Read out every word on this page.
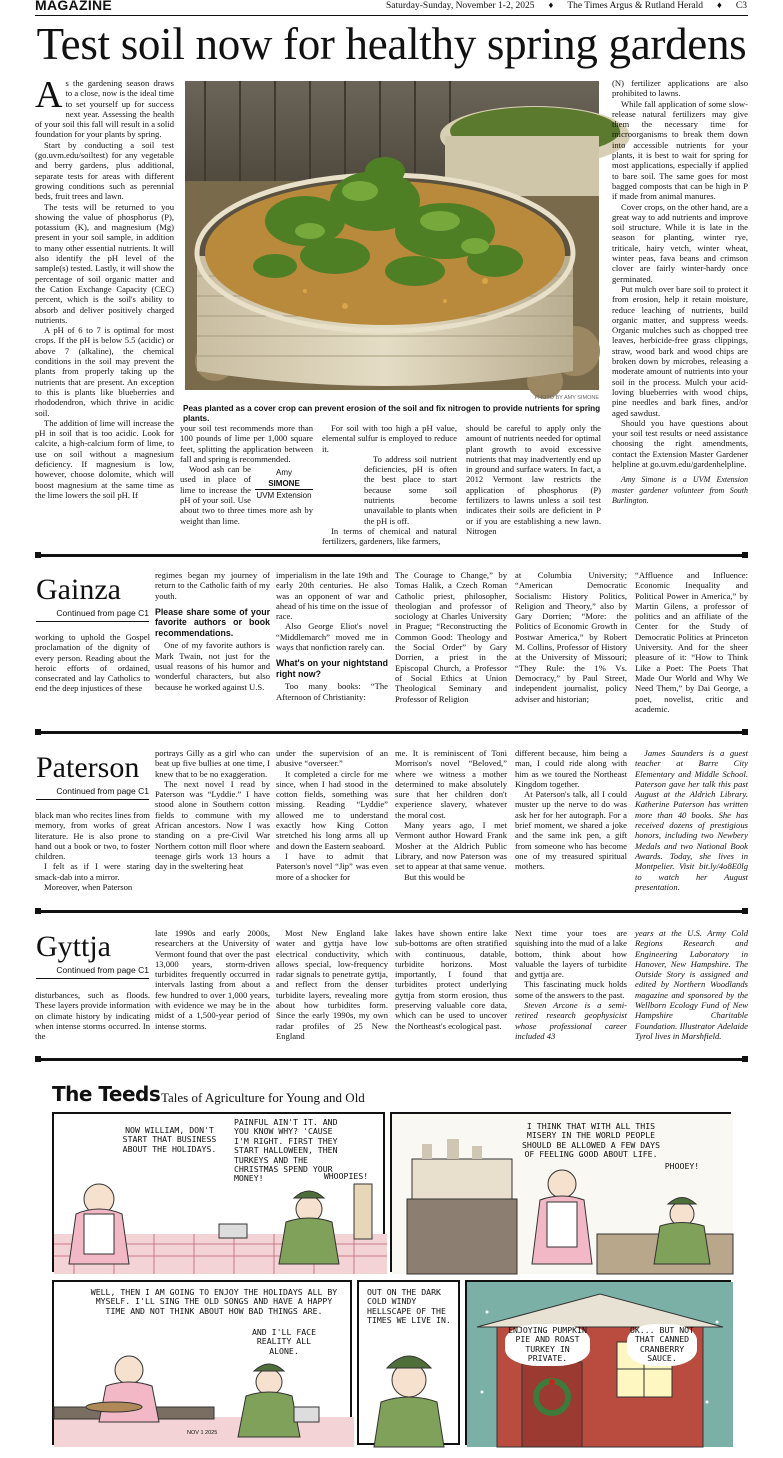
MAGAZINE	Saturday-Sunday, November 1-2, 2025 ♦ The Times Argus & Rutland Herald ♦ C3
Test soil now for healthy spring gardens

As the gardening season draws to a close, now is the ideal time to set yourself up for success next year. Assessing the health of your soil this fall will result in a solid foundation for your plants by spring.

Start by conducting a soil test (go.uvm.edu/soiltest) for any vegetable and berry gardens, plus additional, separate tests for areas with different growing conditions such as perennial beds, fruit trees and lawn.

The tests will be returned to you showing the value of phosphorus (P), potassium (K), and magnesium (Mg) present in your soil sample, in addition to many other essential nutrients. It will also identify the pH level of the sample(s) tested. Lastly, it will show the percentage of soil organic matter and the Cation Exchange Capacity (CEC) percent, which is the soil's ability to absorb and deliver positively charged nutrients.

A pH of 6 to 7 is optimal for most crops. If the pH is below 5.5 (acidic) or above 7 (alkaline), the chemical conditions in the soil may prevent the plants from properly taking up the nutrients that are present. An exception to this is plants like blueberries and rhododendron, which thrive in acidic soil.

The addition of lime will increase the pH in soil that is too acidic. Look for calcite, a high-calcium form of lime, to use on soil without a magnesium deficiency. If magnesium is low, however, choose dolomite, which will boost magnesium at the same time as the lime lowers the soil pH. If

PHOTO BY AMY SIMONE
Peas planted as a cover crop can prevent erosion of the soil and fix nitrogen to provide nutrients for spring plants.

your soil test recommends more than 100 pounds of lime per 1,000 square feet, splitting the application between fall and spring is recommended.

Amy
SIMONE
UVM Extension

Wood ash can be used in place of lime to increase the pH of your soil. Use about two to three times more ash by weight than lime.

For soil with too high a pH value, elemental sulfur is employed to reduce it.

To address soil nutrient deficiencies, pH is often the best place to start because some soil nutrients become unavailable to plants when the pH is off.

In terms of chemical and natural fertilizers, gardeners, like farmers,

should be careful to apply only the amount of nutrients needed for optimal plant growth to avoid excessive nutrients that may inadvertently end up in ground and surface waters. In fact, a 2012 Vermont law restricts the application of phosphorus (P) fertilizers to lawns unless a soil test indicates their soils are deficient in P or if you are establishing a new lawn. Nitrogen

(N) fertilizer applications are also prohibited to lawns.

While fall application of some slow-release natural fertilizers may give them the necessary time for microorganisms to break them down into accessible nutrients for your plants, it is best to wait for spring for most applications, especially if applied to bare soil. The same goes for most bagged composts that can be high in P if made from animal manures.

Cover crops, on the other hand, are a great way to add nutrients and improve soil structure. While it is late in the season for planting, winter rye, triticale, hairy vetch, winter wheat, winter peas, fava beans and crimson clover are fairly winter-hardy once germinated.

Put mulch over bare soil to protect it from erosion, help it retain moisture, reduce leaching of nutrients, build organic matter, and suppress weeds. Organic mulches such as chopped tree leaves, herbicide-free grass clippings, straw, wood bark and wood chips are broken down by microbes, releasing a moderate amount of nutrients into your soil in the process. Mulch your acid-loving blueberries with wood chips, pine needles and bark fines, and/or aged sawdust.

Should you have questions about your soil test results or need assistance choosing the right amendments, contact the Extension Master Gardener helpline at go.uvm.edu/gardenhelpline.

Amy Simone is a UVM Extension master gardener volunteer from South Burlington.

Gainza
Continued from page C1

working to uphold the Gospel proclamation of the dignity of every person. Reading about the heroic efforts of ordained, consecrated and lay Catholics to end the deep injustices of these

regimes began my journey of return to the Catholic faith of my youth.

Please share some of your favorite authors or book recommendations.

One of my favorite authors is Mark Twain, not just for the usual reasons of his humor and wonderful characters, but also because he worked against U.S.

imperialism in the late 19th and early 20th centuries. He also was an opponent of war and ahead of his time on the issue of race.

Also George Eliot's novel “Middlemarch” moved me in ways that nonfiction rarely can.

What's on your nightstand right now?

Too many books: “The Afternoon of Christianity:

The Courage to Change,” by Tomas Halik, a Czech Roman Catholic priest, philosopher, theologian and professor of sociology at Charles University in Prague; “Reconstructing the Common Good: Theology and the Social Order” by Gary Dorrien, a priest in the Episcopal Church, a Professor of Social Ethics at Union Theological Seminary and Professor of Religion

at Columbia University; “American Democratic Socialism: History Politics, Religion and Theory,” also by Gary Dorrien; “More: the Politics of Economic Growth in Postwar America,” by Robert M. Collins, Professor of History at the University of Missouri; “They Rule: the 1% Vs. Democracy,” by Paul Street, independent journalist, policy adviser and historian;

“Affluence and Influence: Economic Inequality and Political Power in America,” by Martin Gilens, a professor of politics and an affiliate of the Center for the Study of Democratic Politics at Princeton University. And for the sheer pleasure of it: “How to Think Like a Poet: The Poets That Made Our World and Why We Need Them,” by Dai George, a poet, novelist, critic and academic.

Paterson
Continued from page C1

black man who recites lines from memory, from works of great literature. He is also prone to hand out a book or two, to foster children.

I felt as if I were staring smack-dab into a mirror.

Moreover, when Paterson

portrays Gilly as a girl who can beat up five bullies at one time, I knew that to be no exaggeration.

The next novel I read by Paterson was “Lyddie.” I have stood alone in Southern cotton fields to commune with my African ancestors. Now I was standing on a pre-Civil War Northern cotton mill floor where teenage girls work 13 hours a day in the sweltering heat

under the supervision of an abusive “overseer.”

It completed a circle for me since, when I had stood in the cotton fields, something was missing. Reading “Lyddie” allowed me to understand exactly how King Cotton stretched his long arms all up and down the Eastern seaboard.

I have to admit that Paterson's novel “Jip” was even more of a shocker for

me. It is reminiscent of Toni Morrison's novel “Beloved,” where we witness a mother determined to make absolutely sure that her children don't experience slavery, whatever the moral cost.

Many years ago, I met Vermont author Howard Frank Mosher at the Aldrich Public Library, and now Paterson was set to appear at that same venue.

But this would be

different because, him being a man, I could ride along with him as we toured the Northeast Kingdom together.

At Paterson's talk, all I could muster up the nerve to do was ask her for her autograph. For a brief moment, we shared a joke and the same ink pen, a gift from someone who has become one of my treasured spiritual mothers.

James Saunders is a guest teacher at Barre City Elementary and Middle School. Paterson gave her talk this past August at the Aldrich Library. Katherine Paterson has written more than 40 books. She has received dozens of prestigious honors, including two Newbery Medals and two National Book Awards. Today, she lives in Montpelier. Visit bit.ly/4o8E0lg to watch her August presentation.

Gyttja
Continued from page C1

disturbances, such as floods. These layers provide information on climate history by indicating when intense storms occurred. In the

late 1990s and early 2000s, researchers at the University of Vermont found that over the past 13,000 years, storm-driven turbidites frequently occurred in intervals lasting from about a few hundred to over 1,000 years, with evidence we may be in the midst of a 1,500-year period of intense storms.

Most New England lake water and gyttja have low electrical conductivity, which allows special, low-frequency radar signals to penetrate gyttja, and reflect from the denser turbidite layers, revealing more about how turbidites form. Since the early 1990s, my own radar profiles of 25 New England

lakes have shown entire lake sub-bottoms are often stratified with continuous, datable, turbidite horizons. Most importantly, I found that turbidites protect underlying gyttja from storm erosion, thus preserving valuable core data, which can be used to uncover the Northeast's ecological past.

Next time your toes are squishing into the mud of a lake bottom, think about how valuable the layers of turbidite and gyttja are.

This fascinating muck holds some of the answers to the past.

Steven Arcone is a semi-retired research geophysicist whose professional career included 43

years at the U.S. Army Cold Regions Research and Engineering Laboratory in Hanover, New Hampshire. The Outside Story is assigned and edited by Northern Woodlands magazine and sponsored by the Wellborn Ecology Fund of New Hampshire Charitable Foundation. Illustrator Adelaide Tyrol lives in Marshfield.

The Teeds Tales of Agriculture for Young and Old
NOW WILLIAM, DON'T START THAT BUSINESS ABOUT THE HOLIDAYS.
PAINFUL AIN'T IT. AND YOU KNOW WHY? 'CAUSE I'M RIGHT. FIRST THEY START HALLOWEEN, THEN TURKEYS AND THE CHRISTMAS SPEND YOUR MONEY!	WHOOPIES!
I THINK THAT WITH ALL THIS MISERY IN THE WORLD PEOPLE SHOULD BE ALLOWED A FEW DAYS OF FEELING GOOD ABOUT LIFE.
PHOOEY!
WELL, THEN I AM GOING TO ENJOY THE HOLIDAYS ALL BY MYSELF. I'LL SING THE OLD SONGS AND HAVE A HAPPY TIME AND NOT THINK ABOUT HOW BAD THINGS ARE.
AND I'LL FACE REALITY ALL ALONE.
NOV 1 2025
OUT ON THE DARK COLD WINDY HELLSCAPE OF THE TIMES WE LIVE IN.
ENJOYING PUMPKIN PIE AND ROAST TURKEY IN PRIVATE.
OK... BUT NOT THAT CANNED CRANBERRY SAUCE.
